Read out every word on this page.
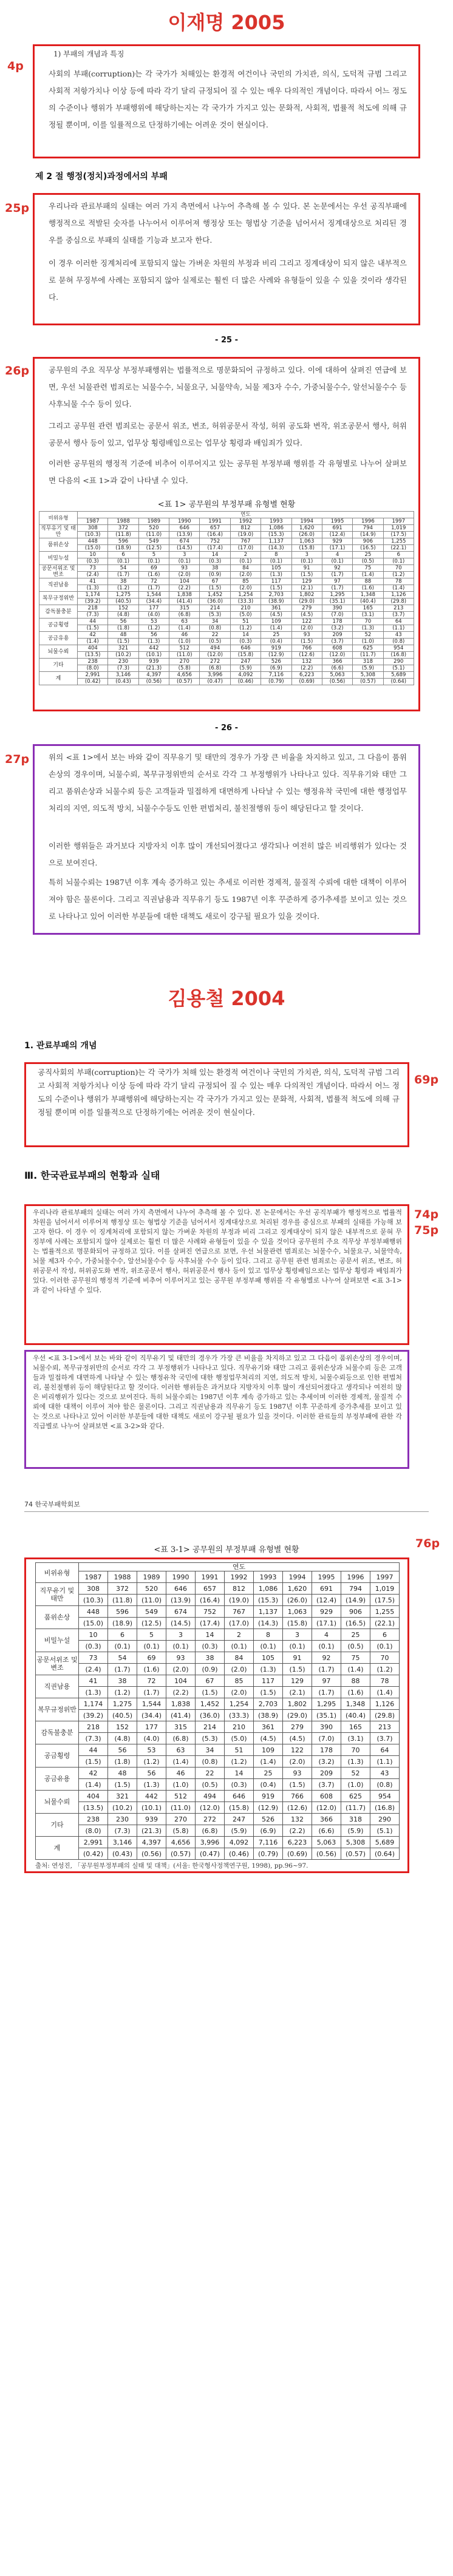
이재명 2005
4p
1) 부패의 개념과 특징
사회의 부패(corruption)는 각 국가가 처해있는 환경적 여건이나 국민의 가치관, 의식, 도덕적 규범 그리고 사회적 저항가치나 이상 등에 따라 각기 달리 규정되어 질 수 있는 매우 다의적인 개념이다. 따라서 어느 정도의 수준이나 행위가 부패행위에 해당하는지는 각 국가가 가지고 있는 문화적, 사회적, 법률적 척도에 의해 규정될 뿐이며, 이를 일률적으로 단정하기에는 어려운 것이 현실이다.
제 2 절 행정(정치)과정에서의 부패
25p	우리나라 관료부패의 실태는 여러 가지 측면에서 나누어 추측해 볼 수 있다. 본 논문에서는 우선 공직부패에 행정적으로 적발된 숫자를 나누어서 이루어져 행정상 또는 형법상 기준을 넘어서서 징계대상으로 처리된 경우를 중심으로 부패의 실태를 기능과 보고자 한다.
이 경우 이러한 징계처리에 포함되지 않는 가벼운 차원의 부정과 비리 그리고 징계대상이 되지 않은 내부적으로 묻혀 무징부에 사례는 포함되지 않아 실제로는 훨씬 더 많은 사례와 유형들이 있을 수 있을 것이라 생각된다.
- 25 -
26p	공무원의 주요 직무상 부정부패행위는 법률적으로 명문화되어 규정하고 있다. 이에 대하여 살펴진 연급에 보면, 우선 뇌물관련 범죄로는 뇌물수수, 뇌물요구, 뇌물약속, 뇌물 제3자 수수, 가중뇌물수수, 알선뇌물수수 등 사후뇌물 수수 등이 있다.
그리고 공무원 관련 범죄로는 공문서 위조, 변조, 허위공문서 작성, 허위 공도화 변작, 위조공문서 행사, 허위공문서 행사 등이 있고, 업무상 횡령배임으로는 업무상 횡령과 배임죄가 있다.
이러한 공무원의 행정적 기준에 비추어 이루어지고 있는 공무원 부정부패 행위를 각 유형별로 나누어 살펴보면 다음의 <표 1>과 같이 나타낼 수 있다.
<표 1> 공무원의 부정부패 유형별 현황
비위유형	연도										
	1987	1988	1989	1990	1991	1992	1993	1994	1995	1996	1997
직무유기 및 태만	308	372	520	646	657	812	1,086	1,620	691	794	1,019
	(10.3)	(11.8)	(11.0)	(13.9)	(16.4)	(19.0)	(15.3)	(26.0)	(12.4)	(14.9)	(17.5)
품위손상	448	596	549	674	752	767	1,137	1,063	929	906	1,255
	(15.0)	(18.9)	(12.5)	(14.5)	(17.4)	(17.0)	(14.3)	(15.8)	(17.1)	(16.5)	(22.1)
비밀누설	10	6	5	3	14	2	8	3	4	25	6
	(0.3)	(0.1)	(0.1)	(0.1)	(0.3)	(0.1)	(0.1)	(0.1)	(0.1)	(0.5)	(0.1)
공문서위조 및 변조	73	54	69	93	38	84	105	91	92	75	70
	(2.4)	(1.7)	(1.6)	(2.0)	(0.9)	(2.0)	(1.3)	(1.5)	(1.7)	(1.4)	(1.2)
직권남용	41	38	72	104	67	85	117	129	97	88	78
	(1.3)	(1.2)	(1.7)	(2.2)	(1.5)	(2.0)	(1.5)	(2.1)	(1.7)	(1.6)	(1.4)
복무규정위반	1,174	1,275	1,544	1,838	1,452	1,254	2,703	1,802	1,295	1,348	1,126
	(39.2)	(40.5)	(34.4)	(41.4)	(36.0)	(33.3)	(38.9)	(29.0)	(35.1)	(40.4)	(29.8)
감독불충분	218	152	177	315	214	210	361	279	390	165	213
	(7.3)	(4.8)	(4.0)	(6.8)	(5.3)	(5.0)	(4.5)	(4.5)	(7.0)	(3.1)	(3.7)
공금횡령	44	56	53	63	34	51	109	122	178	70	64
	(1.5)	(1.8)	(1.2)	(1.4)	(0.8)	(1.2)	(1.4)	(2.0)	(3.2)	(1.3)	(1.1)
공금유용	42	48	56	46	22	14	25	93	209	52	43
	(1.4)	(1.5)	(1.3)	(1.0)	(0.5)	(0.3)	(0.4)	(1.5)	(3.7)	(1.0)	(0.8)
뇌물수뢰	404	321	442	512	494	646	919	766	608	625	954
	(13.5)	(10.2)	(10.1)	(11.0)	(12.0)	(15.8)	(12.9)	(12.6)	(12.0)	(11.7)	(16.8)
기타	238	230	939	270	272	247	526	132	366	318	290
	(8.0)	(7.3)	(21.3)	(5.8)	(6.8)	(5.9)	(6.9)	(2.2)	(6.6)	(5.9)	(5.1)
계	2,991	3,146	4,397	4,656	3,996	4,092	7,116	6,223	5,063	5,308	5,689
	(0.42)	(0.43)	(0.56)	(0.57)	(0.47)	(0.46)	(0.79)	(0.69)	(0.56)	(0.57)	(0.64)
- 26 -
27p	위의 <표 1>에서 보는 바와 같이 직무유기 및 태만의 경우가 가장 큰 비율을 차지하고 있고, 그 다음이 품위손상의 경우이며, 뇌물수뢰, 복무규정위반의 순서로 각각 그 부정행위가 나타나고 있다. 직무유기와 태만 그리고 품위손상과 뇌물수뢰 등은 고객들과 밀접하게 대면하게 나타날 수 있는 행정유착 국민에 대한 행정업무처리의 지연, 의도적 방치, 뇌물수수등도 인한 편법처리, 불친절행위 등이 해당된다고 할 것이다.
이러한 행위들은 과거보다 지방자치 이후 많이 개선되어졌다고 생각되나 여전히 많은 비리행위가 있다는 것으로 보여진다.
특히 뇌물수뢰는 1987년 이후 계속 증가하고 있는 추세로 이러한 경제적, 물질적 수뢰에 대한 대책이 이루어 져야 함은 물론이다. 그리고 직권남용과 직무유기 등도 1987년 이후 꾸준하게 증가추세를 보이고 있는 것으로 나타나고 있어 이러한 부분들에 대한 대책도 새로이 강구될 필요가 있을 것이다.
김용철 2004
1. 관료부패의 개념
69p
공직사회의 부패(corruption)는 각 국가가 처해 있는 환경적 여건이나 국민의 가치관, 의식, 도덕적 규범 그리고 사회적 저항가치나 이상 등에 따라 각기 달리 규정되어 질 수 있는 매우 다의적인 개념이다. 따라서 어느 정도의 수준이나 행위가 부패행위에 해당하는지는 각 국가가 가지고 있는 문화적, 사회적, 법률적 척도에 의해 규정될 뿐이며 이를 일률적으로 단정하기에는 어려운 것이 현실이다.
Ⅲ. 한국관료부패의 현황과 실태
74p
75p
우리나라 관료부패의 실태는 여러 가지 측면에서 나누어 추측해 볼 수 있다. 본 논문에서는 우선 공직부패가 행정적으로 법률적 차원을 넘어서서 이루어져 행정상 또는 형법상 기준을 넘어서서 징계대상으로 처리된 경우를 중심으로 부패의 실태를 가능해 보고자 한다. 이 경우 이 징계처리에 포함되지 않는 가벼운 차원의 부정과 비리 그리고 징계대상이 되지 않은 내부적으로 묻혀 무징부에 사례는 포함되지 않아 실제로는 훨씬 더 많은 사례와 유형들이 있을 수 있을 것이다 공무원의 주요 직무상 부정부패행위는 법률적으로 명문화되어 규정하고 있다. 이를 살펴진 연급으로 보면, 우선 뇌물관련 범죄로는 뇌물수수, 뇌물요구, 뇌물약속, 뇌물 제3자 수수, 가중뇌물수수, 알선뇌물수수 등 사후뇌물 수수 등이 있다. 그리고 공무원 관련 범죄로는 공문서 위조, 변조, 허위공문서 작성, 허위공도화 변작, 위조공문서 행사, 허위공문서 행사 등이 있고 업무상 횡령배임으로는 업무상 횡령과 배임죄가 있다. 이러한 공무원의 행정적 기준에 비추어 이루어지고 있는 공무원 부정부패 행위를 각 유형별로 나누어 살펴보면 <표 3-1>과 같이 나타낼 수 있다.
우선 <표 3-1>에서 보는 바와 같이 직무유기 및 태만의 경우가 가장 큰 비율을 차지하고 있고 그 다음이 품위손상의 경우이며, 뇌물수뢰, 복무규정위반의 순서로 각각 그 부정행위가 나타나고 있다. 직무유기와 태만 그리고 품위손상과 뇌물수뢰 등은 고객들과 밀접하게 대면하게 나타날 수 있는 행정유착 국민에 대한 행정업무처리의 지연, 의도적 방치, 뇌물수뢰등으로 인한 편법처리, 불친절행위 등이 해당된다고 할 것이다. 이러한 행위들은 과거보다 지방자치 이후 많이 개선되어졌다고 생각되나 여전히 많은 비리행위가 있다는 것으로 보여진다. 특히 뇌물수뢰는 1987년 이후 계속 증가하고 있는 추세이며 이러한 경제적, 물질적 수뢰에 대한 대책이 이루어 져야 함은 물론이다. 그리고 직권남용과 직무유기 등도 1987년 이후 꾸준하게 증가추세를 보이고 있는 것으로 나타나고 있어 이러한 부분들에 대한 대책도 새로이 강구될 필요가 있을 것이다. 이러한 관료들의 부정부패에 관한 각 직급별로 나누어 살펴보면 <표 3-2>와 같다.
74 한국부패학회보
76p
<표 3-1> 공무원의 부정부패 유형별 현황
비위유형	연도										
	1987	1988	1989	1990	1991	1992	1993	1994	1995	1996	1997
직무유기 및 태만	308	372	520	646	657	812	1,086	1,620	691	794	1,019
	(10.3)	(11.8)	(11.0)	(13.9)	(16.4)	(19.0)	(15.3)	(26.0)	(12.4)	(14.9)	(17.5)
품위손상	448	596	549	674	752	767	1,137	1,063	929	906	1,255
	(15.0)	(18.9)	(12.5)	(14.5)	(17.4)	(17.0)	(14.3)	(15.8)	(17.1)	(16.5)	(22.1)
비밀누설	10	6	5	3	14	2	8	3	4	25	6
	(0.3)	(0.1)	(0.1)	(0.1)	(0.3)	(0.1)	(0.1)	(0.1)	(0.1)	(0.5)	(0.1)
공문서위조 및 변조	73	54	69	93	38	84	105	91	92	75	70
	(2.4)	(1.7)	(1.6)	(2.0)	(0.9)	(2.0)	(1.3)	(1.5)	(1.7)	(1.4)	(1.2)
직권남용	41	38	72	104	67	85	117	129	97	88	78
	(1.3)	(1.2)	(1.7)	(2.2)	(1.5)	(2.0)	(1.5)	(2.1)	(1.7)	(1.6)	(1.4)
복무규정위반	1,174	1,275	1,544	1,838	1,452	1,254	2,703	1,802	1,295	1,348	1,126
	(39.2)	(40.5)	(34.4)	(41.4)	(36.0)	(33.3)	(38.9)	(29.0)	(35.1)	(40.4)	(29.8)
감독불충분	218	152	177	315	214	210	361	279	390	165	213
	(7.3)	(4.8)	(4.0)	(6.8)	(5.3)	(5.0)	(4.5)	(4.5)	(7.0)	(3.1)	(3.7)
공금횡령	44	56	53	63	34	51	109	122	178	70	64
	(1.5)	(1.8)	(1.2)	(1.4)	(0.8)	(1.2)	(1.4)	(2.0)	(3.2)	(1.3)	(1.1)
공금유용	42	48	56	46	22	14	25	93	209	52	43
	(1.4)	(1.5)	(1.3)	(1.0)	(0.5)	(0.3)	(0.4)	(1.5)	(3.7)	(1.0)	(0.8)
뇌물수뢰	404	321	442	512	494	646	919	766	608	625	954
	(13.5)	(10.2)	(10.1)	(11.0)	(12.0)	(15.8)	(12.9)	(12.6)	(12.0)	(11.7)	(16.8)
기타	238	230	939	270	272	247	526	132	366	318	290
	(8.0)	(7.3)	(21.3)	(5.8)	(6.8)	(5.9)	(6.9)	(2.2)	(6.6)	(5.9)	(5.1)
계	2,991	3,146	4,397	4,656	3,996	4,092	7,116	6,223	5,063	5,308	5,689
	(0.42)	(0.43)	(0.56)	(0.57)	(0.47)	(0.46)	(0.79)	(0.69)	(0.56)	(0.57)	(0.64)
출처: 연성진, 「공무원부정부패의 실태 및 대책」(서울: 한국형사정책연구원, 1998), pp.96~97.
